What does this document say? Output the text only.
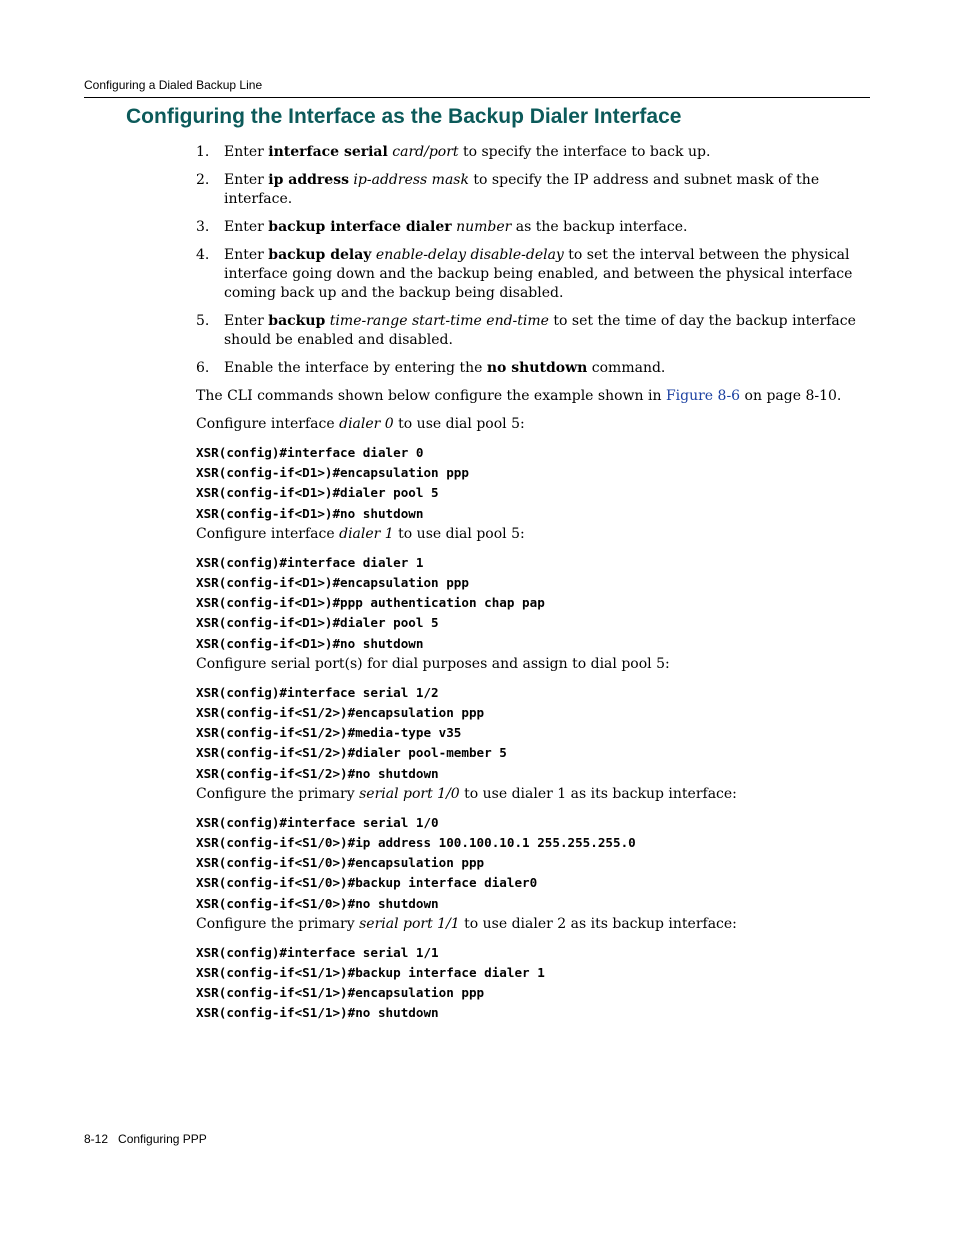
Configuring a Dialed Backup Line
Configuring the Interface as the Backup Dialer Interface
1. Enter interface serial card/port to specify the interface to back up.
2. Enter ip address ip-address mask to specify the IP address and subnet mask of the interface.
3. Enter backup interface dialer number as the backup interface.
4. Enter backup delay enable-delay disable-delay to set the interval between the physical interface going down and the backup being enabled, and between the physical interface coming back up and the backup being disabled.
5. Enter backup time-range start-time end-time to set the time of day the backup interface should be enabled and disabled.
6. Enable the interface by entering the no shutdown command.

The CLI commands shown below configure the example shown in Figure 8-6 on page 8-10.

Configure interface dialer 0 to use dial pool 5:

XSR(config)#interface dialer 0
XSR(config-if<D1>)#encapsulation ppp
XSR(config-if<D1>)#dialer pool 5
XSR(config-if<D1>)#no shutdown

Configure interface dialer 1 to use dial pool 5:

XSR(config)#interface dialer 1
XSR(config-if<D1>)#encapsulation ppp
XSR(config-if<D1>)#ppp authentication chap pap
XSR(config-if<D1>)#dialer pool 5
XSR(config-if<D1>)#no shutdown

Configure serial port(s) for dial purposes and assign to dial pool 5:

XSR(config)#interface serial 1/2
XSR(config-if<S1/2>)#encapsulation ppp
XSR(config-if<S1/2>)#media-type v35
XSR(config-if<S1/2>)#dialer pool-member 5
XSR(config-if<S1/2>)#no shutdown

Configure the primary serial port 1/0 to use dialer 1 as its backup interface:

XSR(config)#interface serial 1/0
XSR(config-if<S1/0>)#ip address 100.100.10.1 255.255.255.0
XSR(config-if<S1/0>)#encapsulation ppp
XSR(config-if<S1/0>)#backup interface dialer0
XSR(config-if<S1/0>)#no shutdown

Configure the primary serial port 1/1 to use dialer 2 as its backup interface:

XSR(config)#interface serial 1/1
XSR(config-if<S1/1>)#backup interface dialer 1
XSR(config-if<S1/1>)#encapsulation ppp
XSR(config-if<S1/1>)#no shutdown
8-12 Configuring PPP
